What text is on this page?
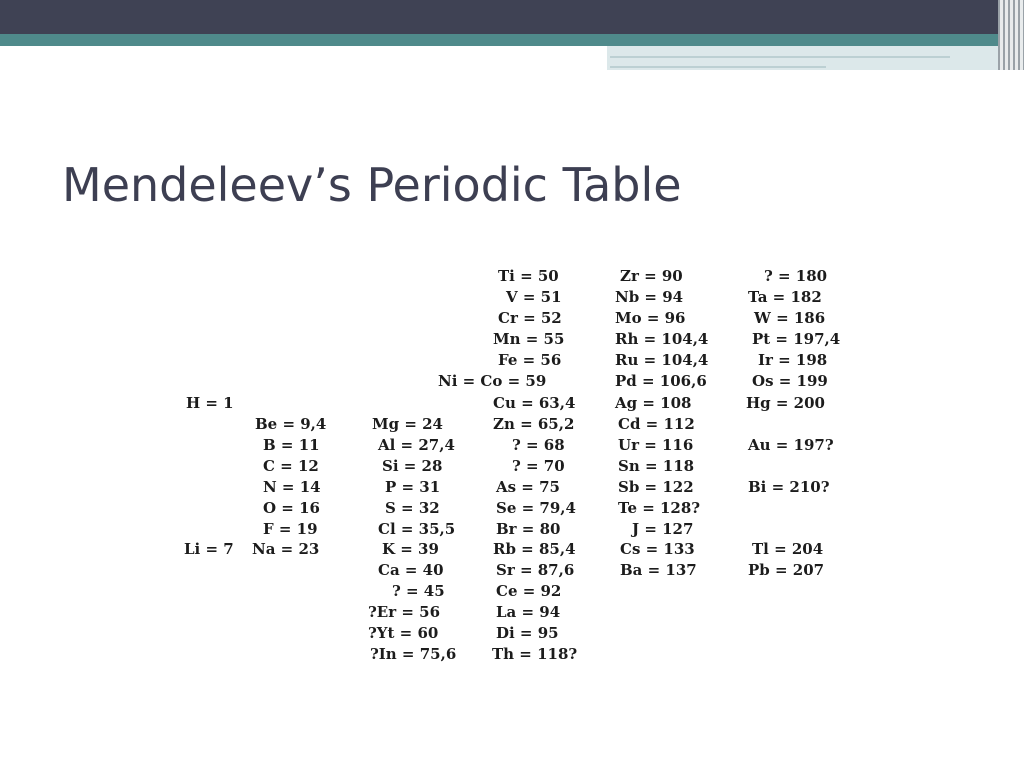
Mendeleev’s Periodic Table
H = 1
Li = 7
Be = 9,4
B = 11
C = 12
N = 14
O = 16
F = 19
Na = 23
Mg = 24
Al = 27,4
Si = 28
P = 31
S = 32
Cl = 35,5
K = 39
Ca = 40
? = 45
?Er = 56
?Yt = 60
?In = 75,6
Ti = 50
V = 51
Cr = 52
Mn = 55
Fe = 56
Ni = Co = 59
Cu = 63,4
Zn = 65,2
? = 68
? = 70
As = 75
Se = 79,4
Br = 80
Rb = 85,4
Sr = 87,6
Ce = 92
La = 94
Di = 95
Th = 118?
Zr = 90
Nb = 94
Mo = 96
Rh = 104,4
Ru = 104,4
Pd = 106,6
Ag = 108
Cd = 112
Ur = 116
Sn = 118
Sb = 122
Te = 128?
J = 127
Cs = 133
Ba = 137
? = 180
Ta = 182
W = 186
Pt = 197,4
Ir = 198
Os = 199
Hg = 200
Au = 197?
Bi = 210?
Tl = 204
Pb = 207
